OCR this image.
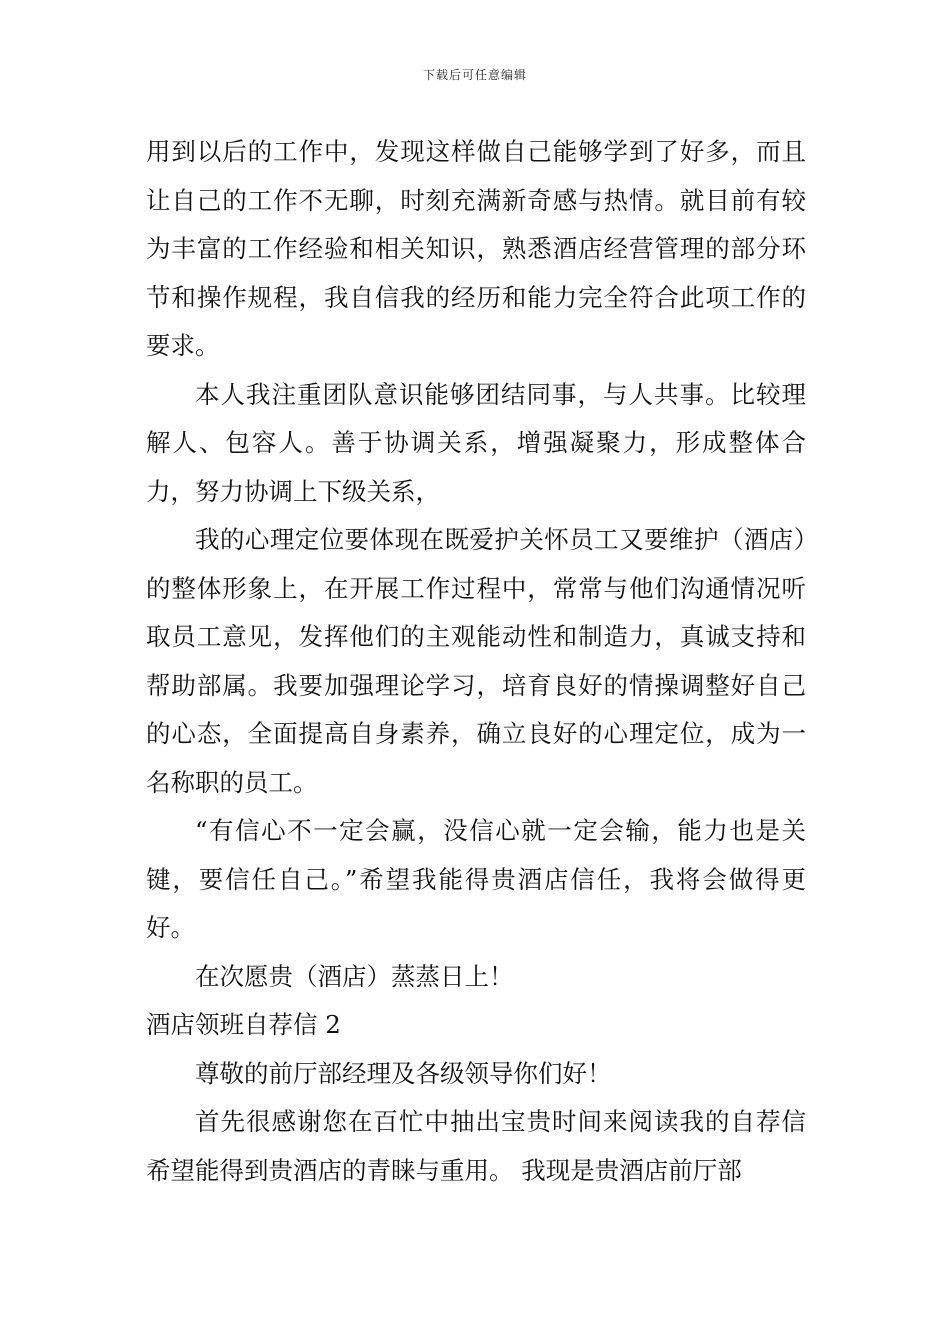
下载后可任意编辑

用到以后的工作中，发现这样做自己能够学到了好多，而且让自己的工作不无聊，时刻充满新奇感与热情。就目前有较为丰富的工作经验和相关知识，熟悉酒店经营管理的部分环节和操作规程，我自信我的经历和能力完全符合此项工作的要求。

本人我注重团队意识能够团结同事，与人共事。比较理解人、包容人。善于协调关系，增强凝聚力，形成整体合力，努力协调上下级关系，

我的心理定位要体现在既爱护关怀员工又要维护（酒店）的整体形象上，在开展工作过程中，常常与他们沟通情况听取员工意见，发挥他们的主观能动性和制造力，真诚支持和帮助部属。我要加强理论学习，培育良好的情操调整好自己的心态，全面提高自身素养，确立良好的心理定位，成为一名称职的员工。

“有信心不一定会赢，没信心就一定会输，能力也是关键，要信任自己。”希望我能得贵酒店信任，我将会做得更好。

在次愿贵（酒店）蒸蒸日上！

酒店领班自荐信 2

尊敬的前厅部经理及各级领导你们好！

首先很感谢您在百忙中抽出宝贵时间来阅读我的自荐信希望能得到贵酒店的青睐与重用。 我现是贵酒店前厅部
